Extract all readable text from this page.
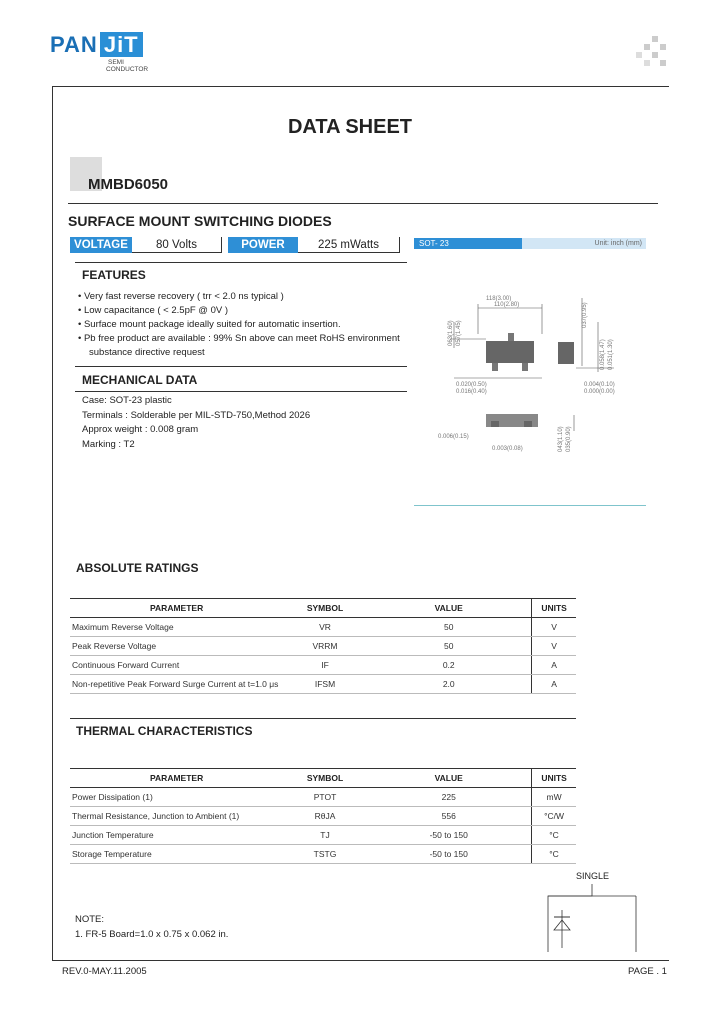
PAN JiT
SEMI
CONDUCTOR
DATA SHEET
MMBD6050
SURFACE MOUNT SWITCHING DIODES
VOLTAGE	80 Volts	POWER	225 mWatts	SOT- 23	Unit: inch (mm)
118(3.00)
110(2.80)
063(1.60) 057(1.45)
037(0.95)
0.058(1.47) 0.051(1.30)
0.020(0.50)
0.016(0.40)
0.004(0.10)
0.000(0.00)
043(1.10) 035(0.90)
0.006(0.15)
0.003(0.08)
FEATURES
• Very fast reverse recovery ( trr < 2.0 ns typical )
• Low capacitance ( < 2.5pF @ 0V )
• Surface mount package ideally suited for automatic insertion.
• Pb free product are available : 99% Sn above can meet RoHS environment substance directive request
MECHANICAL DATA
Case: SOT-23 plastic
Terminals : Solderable per MIL-STD-750,Method 2026
Approx weight : 0.008 gram
Marking : T2
ABSOLUTE RATINGS
PARAMETER	SYMBOL	VALUE	UNITS
Maximum Reverse Voltage	VR	50	V
Peak Reverse Voltage	VRRM	50	V
Continuous Forward Current	IF	0.2	A
Non-repetitive Peak Forward Surge Current at t=1.0 μs	IFSM	2.0	A
THERMAL CHARACTERISTICS
PARAMETER	SYMBOL	VALUE	UNITS
Power Dissipation (1)	PTOT	225	mW
Thermal Resistance, Junction to Ambient (1)	RθJA	556	°C/W
Junction Temperature	TJ	-50 to 150	°C
Storage Temperature	TSTG	-50 to 150	°C
SINGLE
NOTE:
1. FR-5 Board=1.0 x 0.75 x 0.062 in.
REV.0-MAY.11.2005	PAGE . 1
